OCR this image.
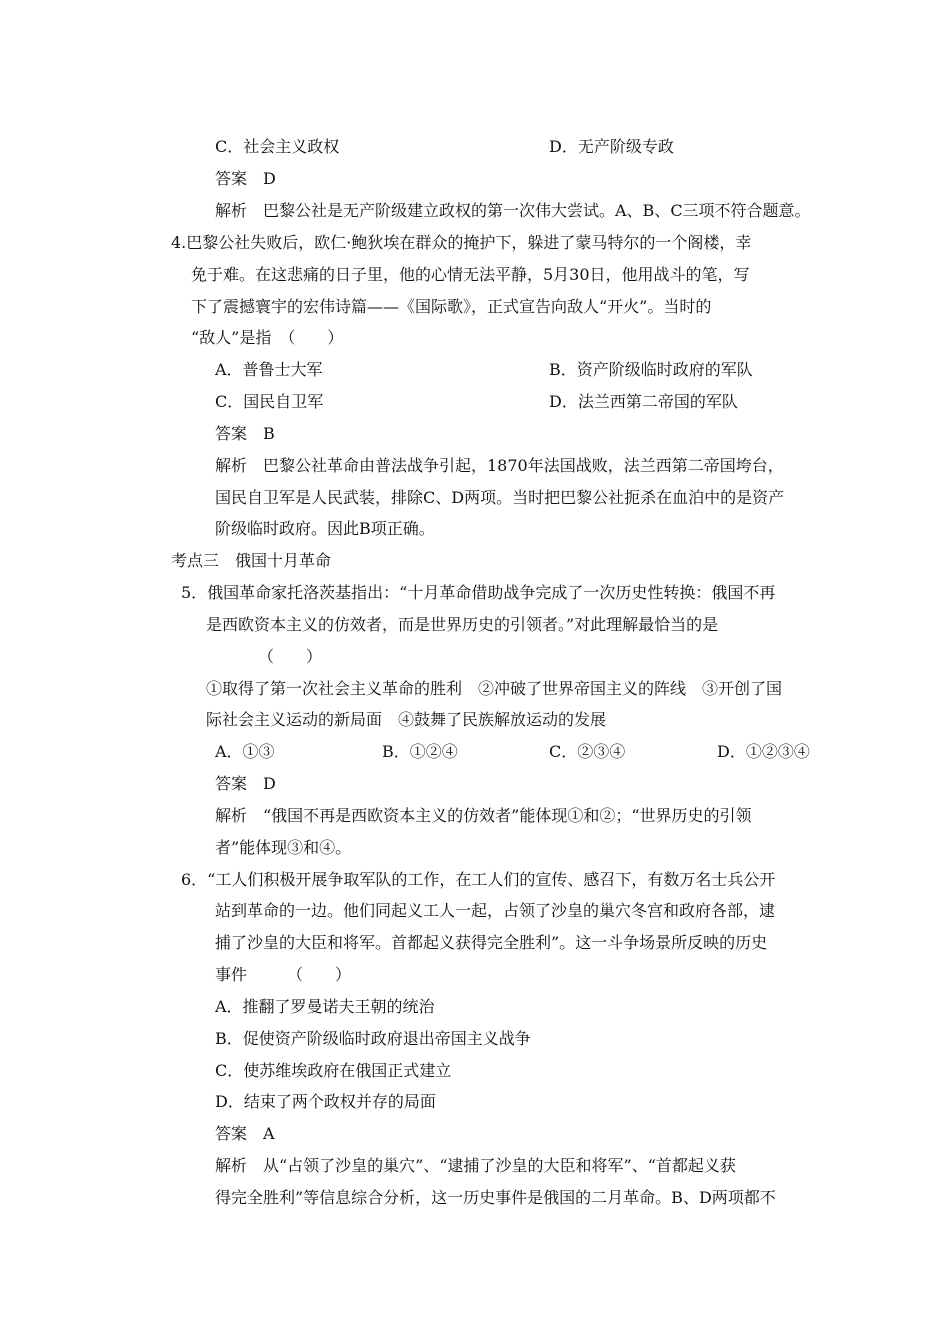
C．社会主义政权	D．无产阶级专政
答案　D
解析　巴黎公社是无产阶级建立政权的第一次伟大尝试。A、B、C三项不符合题意。
4.巴黎公社失败后，欧仁·鲍狄埃在群众的掩护下，躲进了蒙马特尔的一个阁楼，幸
免于难。在这悲痛的日子里，他的心情无法平静，5月30日，他用战斗的笔，写
下了震撼寰宇的宏伟诗篇——《国际歌》，正式宣告向敌人“开火”。当时的
“敌人”是指　（　　）
A．普鲁士大军	B．资产阶级临时政府的军队
C．国民自卫军	D．法兰西第二帝国的军队
答案　B
解析　巴黎公社革命由普法战争引起，1870年法国战败，法兰西第二帝国垮台，
国民自卫军是人民武装，排除C、D两项。当时把巴黎公社扼杀在血泊中的是资产
阶级临时政府。因此B项正确。
考点三　俄国十月革命
5．俄国革命家托洛茨基指出：“十月革命借助战争完成了一次历史性转换：俄国不再
是西欧资本主义的仿效者，而是世界历史的引领者。”对此理解最恰当的是
（　　）
①取得了第一次社会主义革命的胜利　②冲破了世界帝国主义的阵线　③开创了国
际社会主义运动的新局面　④鼓舞了民族解放运动的发展
A．①③	B．①②④	C．②③④	D．①②③④
答案　D
解析　“俄国不再是西欧资本主义的仿效者”能体现①和②；“世界历史的引领
者”能体现③和④。
6．“工人们积极开展争取军队的工作，在工人们的宣传、感召下，有数万名士兵公开
站到革命的一边。他们同起义工人一起，占领了沙皇的巢穴冬宫和政府各部，逮
捕了沙皇的大臣和将军。首都起义获得完全胜利”。这一斗争场景所反映的历史
事件　　　（　　）
A．推翻了罗曼诺夫王朝的统治
B．促使资产阶级临时政府退出帝国主义战争
C．使苏维埃政府在俄国正式建立
D．结束了两个政权并存的局面
答案　A
解析　从“占领了沙皇的巢穴”、“逮捕了沙皇的大臣和将军”、“首都起义获
得完全胜利”等信息综合分析，这一历史事件是俄国的二月革命。B、D两项都不
